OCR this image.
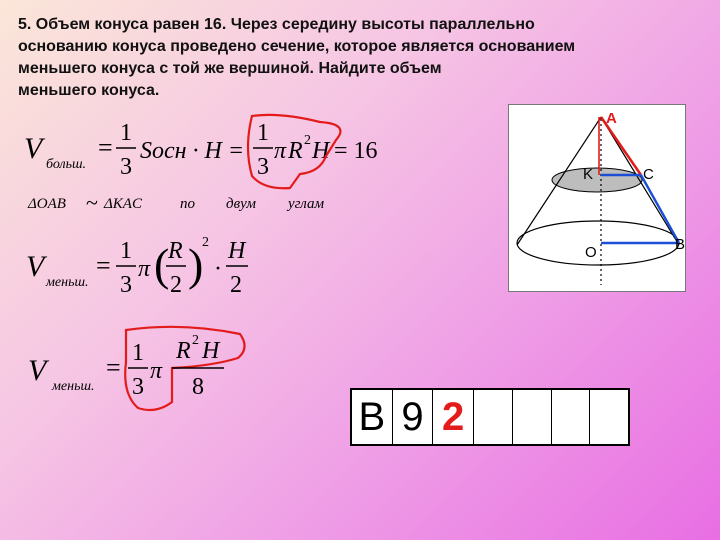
5. Объем конуса равен 16. Через середину высоты параллельно
основанию конуса проведено сечение, которое является основанием
меньшего конуса с той же вершиной. Найдите объем
меньшего конуса.
V больш.
= 1
3
Sосн · H =
1
3
π R 2 H = 16
ΔOAB ~ ΔKAC	по двум углам
V меньш.
= 1
3
π (
R
2 )
2
·
H
2
V меньш.
= 1
3
π
R 2 H
8
A
K	C
O	B
В 9 2
